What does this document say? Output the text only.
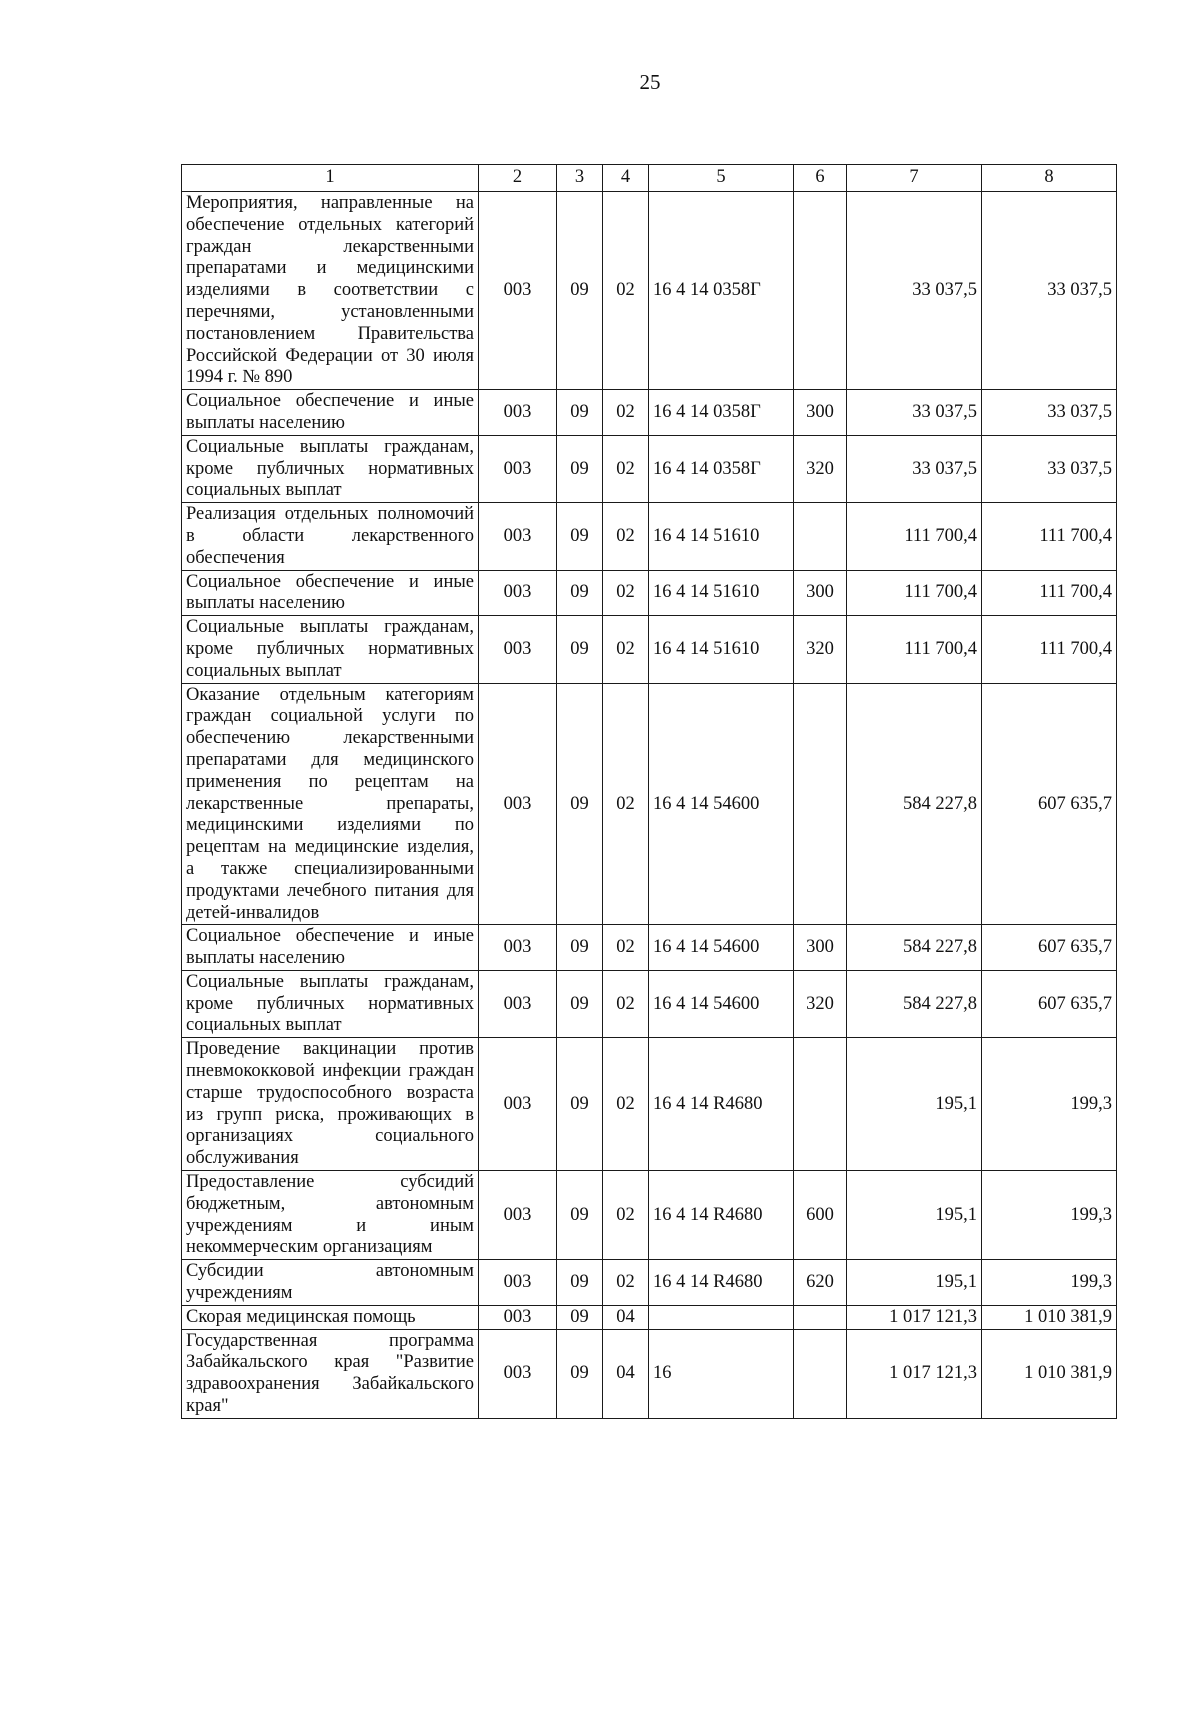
25
1	2	3	4	5	6	7	8
Мероприятия, направленные на обеспечение отдельных категорий граждан лекарственными препаратами и медицинскими изделиями в соответствии с перечнями, установленными постановлением Правительства Российской Федерации от 30 июля 1994 г. № 890	003	09	02	16 4 14 0358Г		33 037,5	33 037,5
Социальное обеспечение и иные выплаты населению	003	09	02	16 4 14 0358Г	300	33 037,5	33 037,5
Социальные выплаты гражданам, кроме публичных нормативных социальных выплат	003	09	02	16 4 14 0358Г	320	33 037,5	33 037,5
Реализация отдельных полномочий в области лекарственного обеспечения	003	09	02	16 4 14 51610		111 700,4	111 700,4
Социальное обеспечение и иные выплаты населению	003	09	02	16 4 14 51610	300	111 700,4	111 700,4
Социальные выплаты гражданам, кроме публичных нормативных социальных выплат	003	09	02	16 4 14 51610	320	111 700,4	111 700,4
Оказание отдельным категориям граждан социальной услуги по обеспечению лекарственными препаратами для медицинского применения по рецептам на лекарственные препараты, медицинскими изделиями по рецептам на медицинские изделия, а также специализированными продуктами лечебного питания для детей-инвалидов	003	09	02	16 4 14 54600		584 227,8	607 635,7
Социальное обеспечение и иные выплаты населению	003	09	02	16 4 14 54600	300	584 227,8	607 635,7
Социальные выплаты гражданам, кроме публичных нормативных социальных выплат	003	09	02	16 4 14 54600	320	584 227,8	607 635,7
Проведение вакцинации против пневмококковой инфекции граждан старше трудоспособного возраста из групп риска, проживающих в организациях социального обслуживания	003	09	02	16 4 14 R4680		195,1	199,3
Предоставление субсидий бюджетным, автономным учреждениям и иным некоммерческим организациям	003	09	02	16 4 14 R4680	600	195,1	199,3
Субсидии автономным учреждениям	003	09	02	16 4 14 R4680	620	195,1	199,3
Скорая медицинская помощь	003	09	04			1 017 121,3	1 010 381,9
Государственная программа Забайкальского края "Развитие здравоохранения Забайкальского края"	003	09	04	16		1 017 121,3	1 010 381,9
